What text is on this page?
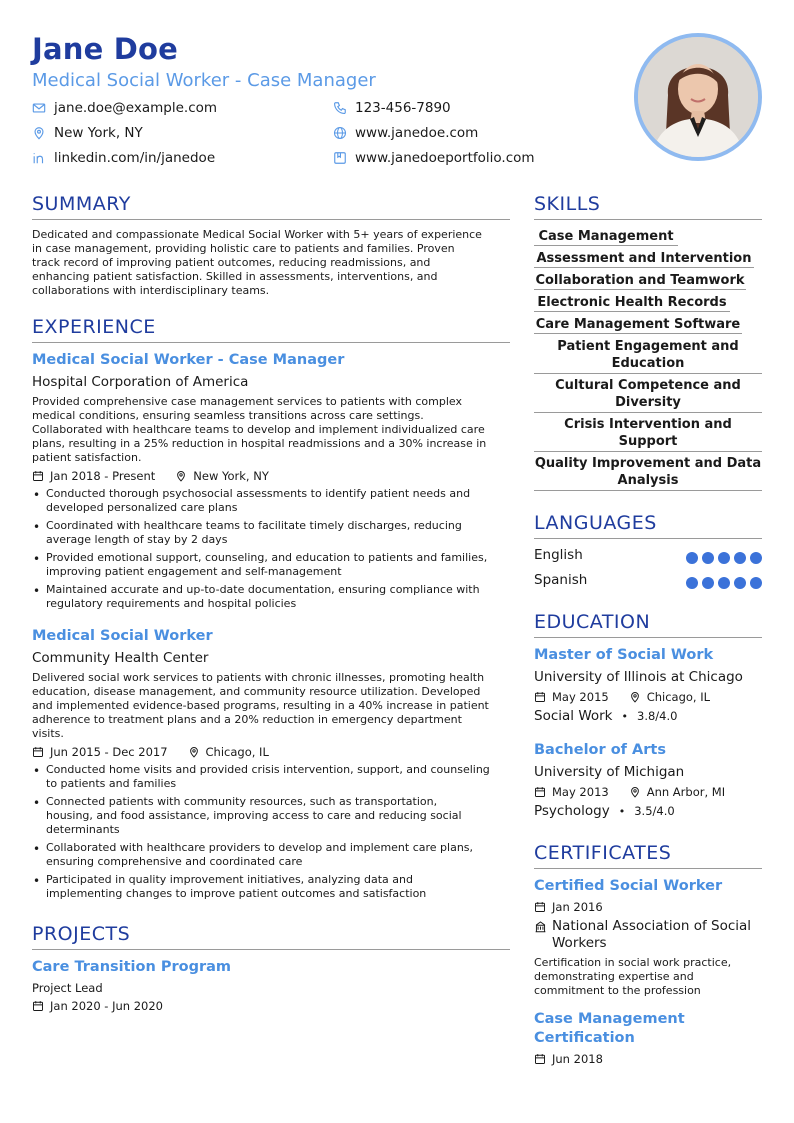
Jane Doe
Medical Social Worker - Case Manager
jane.doe@example.com	123-456-7890
New York, NY	www.janedoe.com
linkedin.com/in/janedoe	www.janedoeportfolio.com
SUMMARY
Dedicated and compassionate Medical Social Worker with 5+ years of experience
in case management, providing holistic care to patients and families. Proven
track record of improving patient outcomes, reducing readmissions, and
enhancing patient satisfaction. Skilled in assessments, interventions, and
collaborations with interdisciplinary teams.
EXPERIENCE
Medical Social Worker - Case Manager
Hospital Corporation of America
Provided comprehensive case management services to patients with complex
medical conditions, ensuring seamless transitions across care settings.
Collaborated with healthcare teams to develop and implement individualized care
plans, resulting in a 25% reduction in hospital readmissions and a 30% increase in
patient satisfaction.
Jan 2018 - Present	New York, NY
• Conducted thorough psychosocial assessments to identify patient needs and
developed personalized care plans
• Coordinated with healthcare teams to facilitate timely discharges, reducing
average length of stay by 2 days
• Provided emotional support, counseling, and education to patients and families,
improving patient engagement and self-management
• Maintained accurate and up-to-date documentation, ensuring compliance with
regulatory requirements and hospital policies
Medical Social Worker
Community Health Center
Delivered social work services to patients with chronic illnesses, promoting health
education, disease management, and community resource utilization. Developed
and implemented evidence-based programs, resulting in a 40% increase in patient
adherence to treatment plans and a 20% reduction in emergency department
visits.
Jun 2015 - Dec 2017	Chicago, IL
• Conducted home visits and provided crisis intervention, support, and counseling
to patients and families
• Connected patients with community resources, such as transportation,
housing, and food assistance, improving access to care and reducing social
determinants
• Collaborated with healthcare providers to develop and implement care plans,
ensuring comprehensive and coordinated care
• Participated in quality improvement initiatives, analyzing data and
implementing changes to improve patient outcomes and satisfaction
PROJECTS
Care Transition Program
Project Lead
Jan 2020 - Jun 2020
SKILLS
Case Management
Assessment and Intervention
Collaboration and Teamwork
Electronic Health Records
Care Management Software
Patient Engagement and
Education
Cultural Competence and
Diversity
Crisis Intervention and
Support
Quality Improvement and Data
Analysis
LANGUAGES
English
Spanish
EDUCATION
Master of Social Work
University of Illinois at Chicago
May 2015	Chicago, IL
Social Work • 3.8/4.0
Bachelor of Arts
University of Michigan
May 2013	Ann Arbor, MI
Psychology • 3.5/4.0
CERTIFICATES
Certified Social Worker
Jan 2016
National Association of Social
Workers
Certification in social work practice,
demonstrating expertise and
commitment to the profession
Case Management
Certification
Jun 2018
